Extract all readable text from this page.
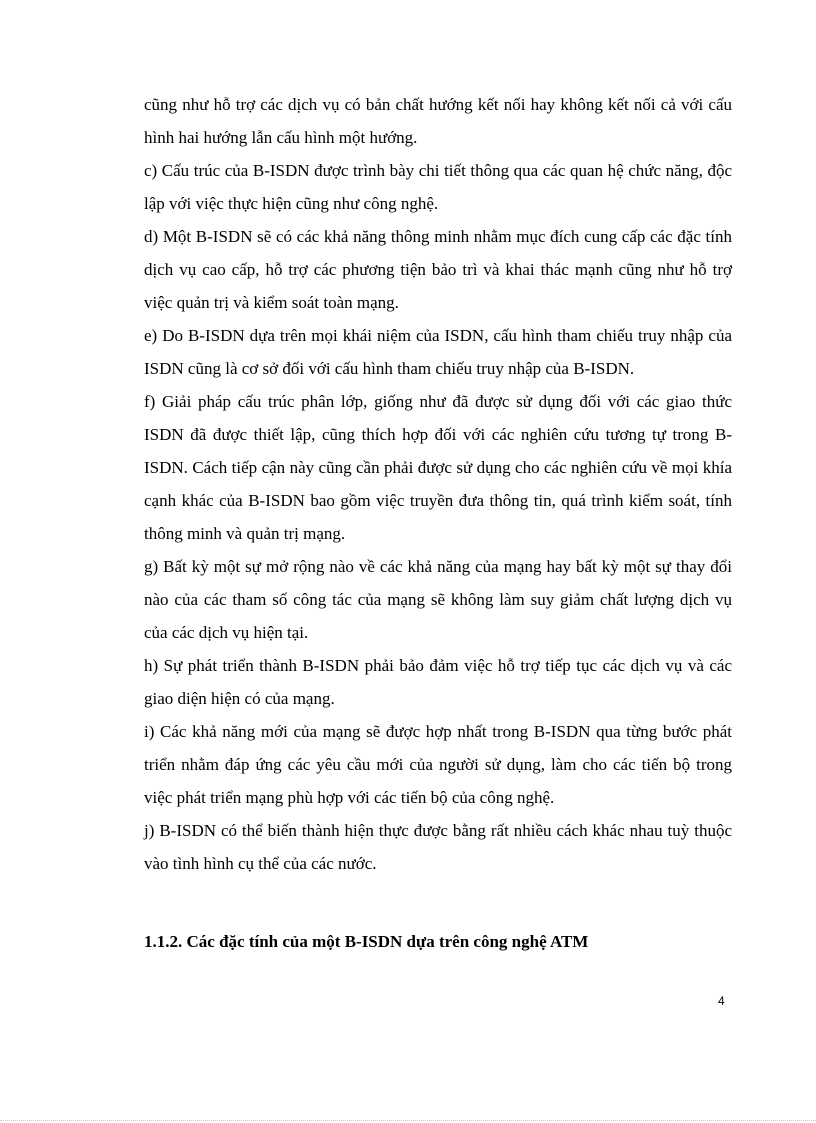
cũng như hỗ trợ các dịch vụ có bản chất hướng kết nối hay không kết nối cả với cấu hình hai hướng lẫn cấu hình một hướng.

c) Cấu trúc của B-ISDN được trình bày chi tiết thông qua các quan hệ chức năng, độc lập với việc thực hiện cũng như công nghệ.

d) Một B-ISDN sẽ có các khả năng thông minh nhằm mục đích cung cấp các đặc tính dịch vụ cao cấp, hỗ trợ các phương tiện bảo trì và khai thác mạnh cũng như hỗ trợ việc quản trị và kiểm soát toàn mạng.

e) Do B-ISDN dựa trên mọi khái niệm của ISDN, cấu hình tham chiếu truy nhập của ISDN cũng là cơ sở đối với cấu hình tham chiếu truy nhập của B-ISDN.

f) Giải pháp cấu trúc phân lớp, giống như đã được sử dụng đối với các giao thức ISDN đã được thiết lập, cũng thích hợp đối với các nghiên cứu tương tự trong B-ISDN. Cách tiếp cận này cũng cần phải được sử dụng cho các nghiên cứu về mọi khía cạnh khác của B-ISDN bao gồm việc truyền đưa thông tin, quá trình kiểm soát, tính thông minh và quản trị mạng.

g) Bất kỳ một sự mở rộng nào về các khả năng của mạng hay bất kỳ một sự thay đổi nào của các tham số công tác của mạng sẽ không làm suy giảm chất lượng dịch vụ của các dịch vụ hiện tại.

h) Sự phát triển thành B-ISDN phải bảo đảm việc hỗ trợ tiếp tục các dịch vụ và các giao diện hiện có của mạng.

i) Các khả năng mới của mạng sẽ được hợp nhất trong B-ISDN qua từng bước phát triển nhằm đáp ứng các yêu cầu mới của người sử dụng, làm cho các tiến bộ trong việc phát triển mạng phù hợp với các tiến bộ của công nghệ.

j) B-ISDN có thể biến thành hiện thực được bằng rất nhiều cách khác nhau tuỳ thuộc vào tình hình cụ thể của các nước.

1.1.2. Các đặc tính của một B-ISDN dựa trên công nghệ ATM
4
